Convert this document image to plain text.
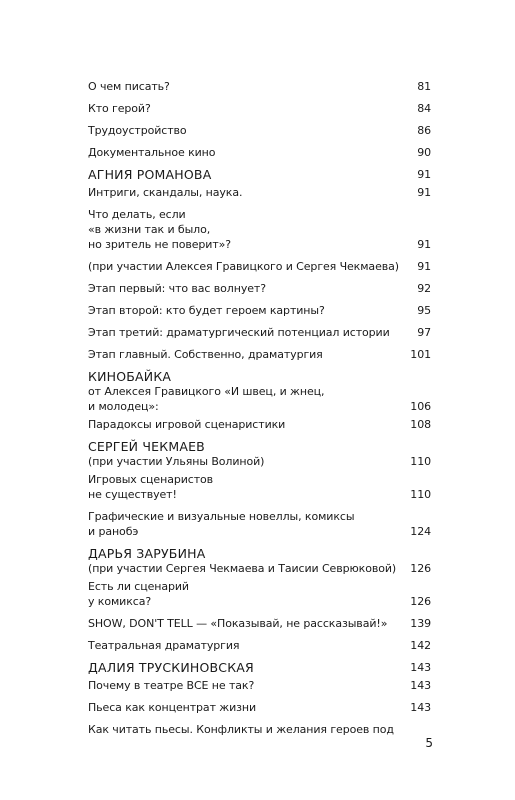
О чем писать?	81
Кто герой?	84
Трудоустройство	86
Документальное кино	90
АГНИЯ РОМАНОВА	91
Интриги, скандалы, наука.	91
Что делать, если
«в жизни так и было,
но зритель не поверит»?	91
(при участии Алексея Гравицкого и Сергея Чекмаева)	91
Этап первый: что вас волнует?	92
Этап второй: кто будет героем картины?	95
Этап третий: драматургический потенциал истории	97
Этап главный. Собственно, драматургия	101
КИНОБАЙКА
от Алексея Гравицкого «И швец, и жнец,
и молодец»:	106
Парадоксы игровой сценаристики	108
СЕРГЕЙ ЧЕКМАЕВ
(при участии Ульяны Волиной)	110
Игровых сценаристов
не существует!	110
Графические и визуальные новеллы, комиксы
и ранобэ	124
ДАРЬЯ ЗАРУБИНА
(при участии Сергея Чекмаева и Таисии Севрюковой)	126
Есть ли сценарий
у комикса?	126
SHOW, DON'T TELL — «Показывай, не рассказывай!»	139
Театральная драматургия	142
ДАЛИЯ ТРУСКИНОВСКАЯ	143
Почему в театре ВСЕ не так?	143
Пьеса как концентрат жизни	143
Как читать пьесы. Конфликты и желания героев под
5
